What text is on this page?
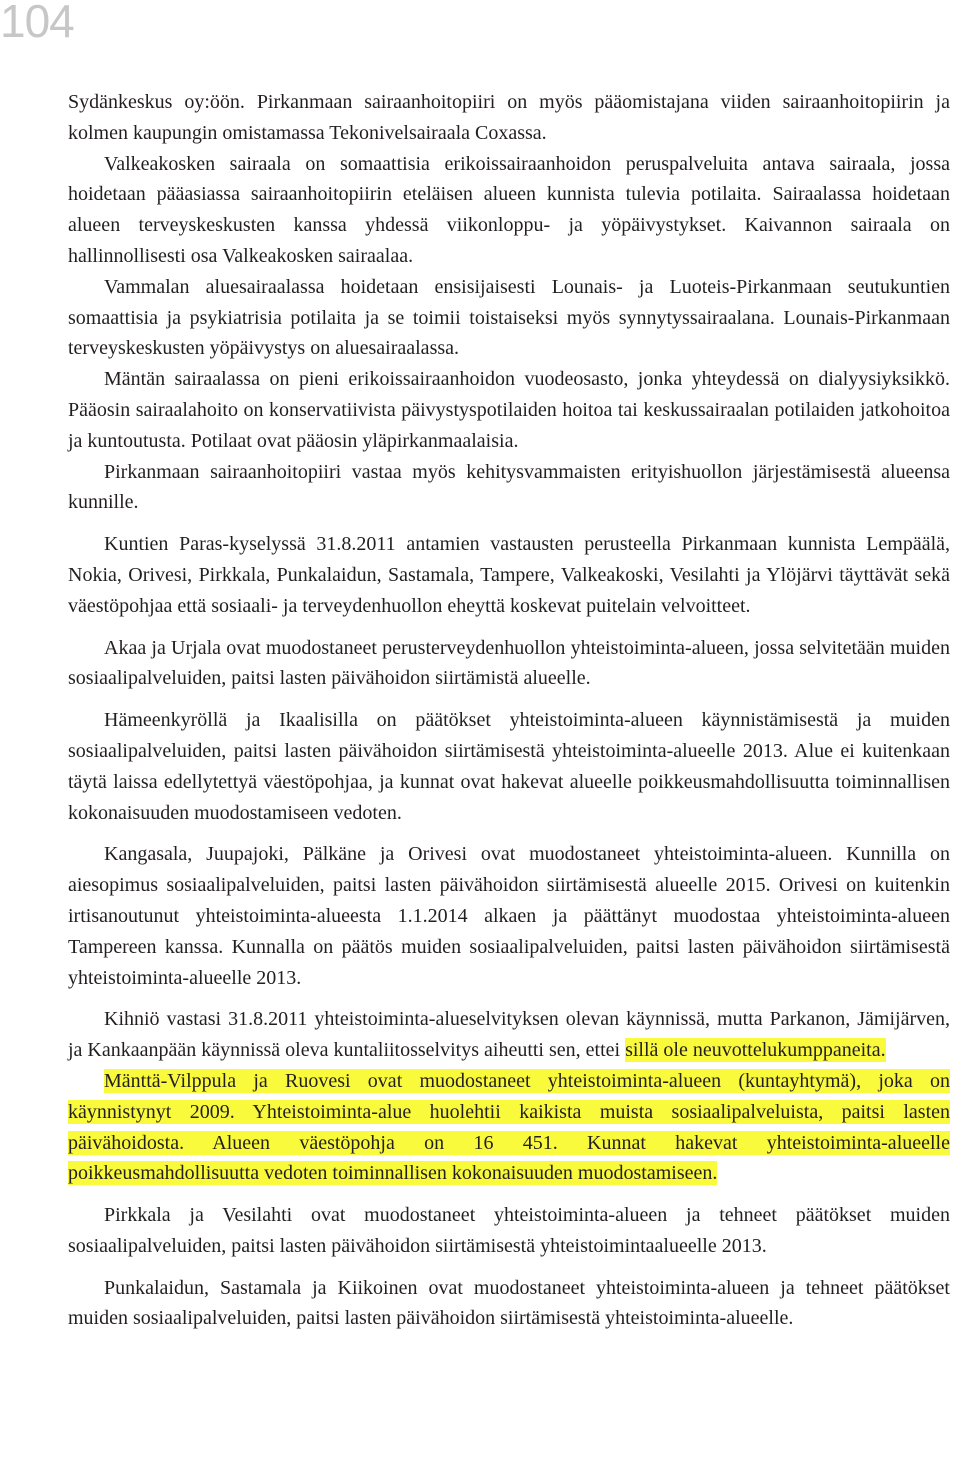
104

Sydänkeskus oy:öön. Pirkanmaan sairaanhoitopiiri on myös pääomistajana viiden sairaanhoitopiirin ja kolmen kaupungin omistamassa Tekonivelsairaala Coxassa.

Valkeakosken sairaala on somaattisia erikoissairaanhoidon peruspalveluita antava sairaala, jossa hoidetaan pääasiassa sairaanhoitopiirin eteläisen alueen kunnista tulevia potilaita. Sairaalassa hoidetaan alueen terveyskeskusten kanssa yhdessä viikonloppu- ja yöpäivystykset. Kaivannon sairaala on hallinnollisesti osa Valkeakosken sairaalaa.

Vammalan aluesairaalassa hoidetaan ensisijaisesti Lounais- ja Luoteis-Pirkanmaan seutukuntien somaattisia ja psykiatrisia potilaita ja se toimii toistaiseksi myös synnytyssairaalana. Lounais-Pirkanmaan terveyskeskusten yöpäivystys on aluesairaalassa.

Mäntän sairaalassa on pieni erikoissairaanhoidon vuodeosasto, jonka yhteydessä on dialyysiyksikkö. Pääosin sairaalahoito on konservatiivista päivystyspotilaiden hoitoa tai keskussairaalan potilaiden jatkohoitoa ja kuntoutusta. Potilaat ovat pääosin yläpirkanmaalaisia.

Pirkanmaan sairaanhoitopiiri vastaa myös kehitysvammaisten erityishuollon järjestämisestä alueensa kunnille.

Kuntien Paras-kyselyssä 31.8.2011 antamien vastausten perusteella Pirkanmaan kunnista Lempäälä, Nokia, Orivesi, Pirkkala, Punkalaidun, Sastamala, Tampere, Valkeakoski, Vesilahti ja Ylöjärvi täyttävät sekä väestöpohjaa että sosiaali- ja terveydenhuollon eheyttä koskevat puitelain velvoitteet.

Akaa ja Urjala ovat muodostaneet perusterveydenhuollon yhteistoiminta-alueen, jossa selvitetään muiden sosiaalipalveluiden, paitsi lasten päivähoidon siirtämistä alueelle.

Hämeenkyröllä ja Ikaalisilla on päätökset yhteistoiminta-alueen käynnistämisestä ja muiden sosiaalipalveluiden, paitsi lasten päivähoidon siirtämisestä yhteistoiminta-alueelle 2013. Alue ei kuitenkaan täytä laissa edellytettyä väestöpohjaa, ja kunnat ovat hakevat alueelle poikkeusmahdollisuutta toiminnallisen kokonaisuuden muodostamiseen vedoten.

Kangasala, Juupajoki, Pälkäne ja Orivesi ovat muodostaneet yhteistoiminta-alueen. Kunnilla on aiesopimus sosiaalipalveluiden, paitsi lasten päivähoidon siirtämisestä alueelle 2015. Orivesi on kuitenkin irtisanoutunut yhteistoiminta-alueesta 1.1.2014 alkaen ja päättänyt muodostaa yhteistoiminta-alueen Tampereen kanssa. Kunnalla on päätös muiden sosiaalipalveluiden, paitsi lasten päivähoidon siirtämisestä yhteistoiminta-alueelle 2013.

Kihniö vastasi 31.8.2011 yhteistoiminta-alueselvityksen olevan käynnissä, mutta Parkanon, Jämijärven, ja Kankaanpään käynnissä oleva kuntaliitosselvitys aiheutti sen, ettei sillä ole neuvottelukumppaneita.

Mänttä-Vilppula ja Ruovesi ovat muodostaneet yhteistoiminta-alueen (kuntayhtymä), joka on käynnistynyt 2009. Yhteistoiminta-alue huolehtii kaikista muista sosiaalipalveluista, paitsi lasten päivähoidosta. Alueen väestöpohja on 16 451. Kunnat hakevat yhteistoiminta-alueelle poikkeusmahdollisuutta vedoten toiminnallisen kokonaisuuden muodostamiseen.

Pirkkala ja Vesilahti ovat muodostaneet yhteistoiminta-alueen ja tehneet päätökset muiden sosiaalipalveluiden, paitsi lasten päivähoidon siirtämisestä yhteistoimintaalueelle 2013.

Punkalaidun, Sastamala ja Kiikoinen ovat muodostaneet yhteistoiminta-alueen ja tehneet päätökset muiden sosiaalipalveluiden, paitsi lasten päivähoidon siirtämisestä yhteistoiminta-alueelle.
